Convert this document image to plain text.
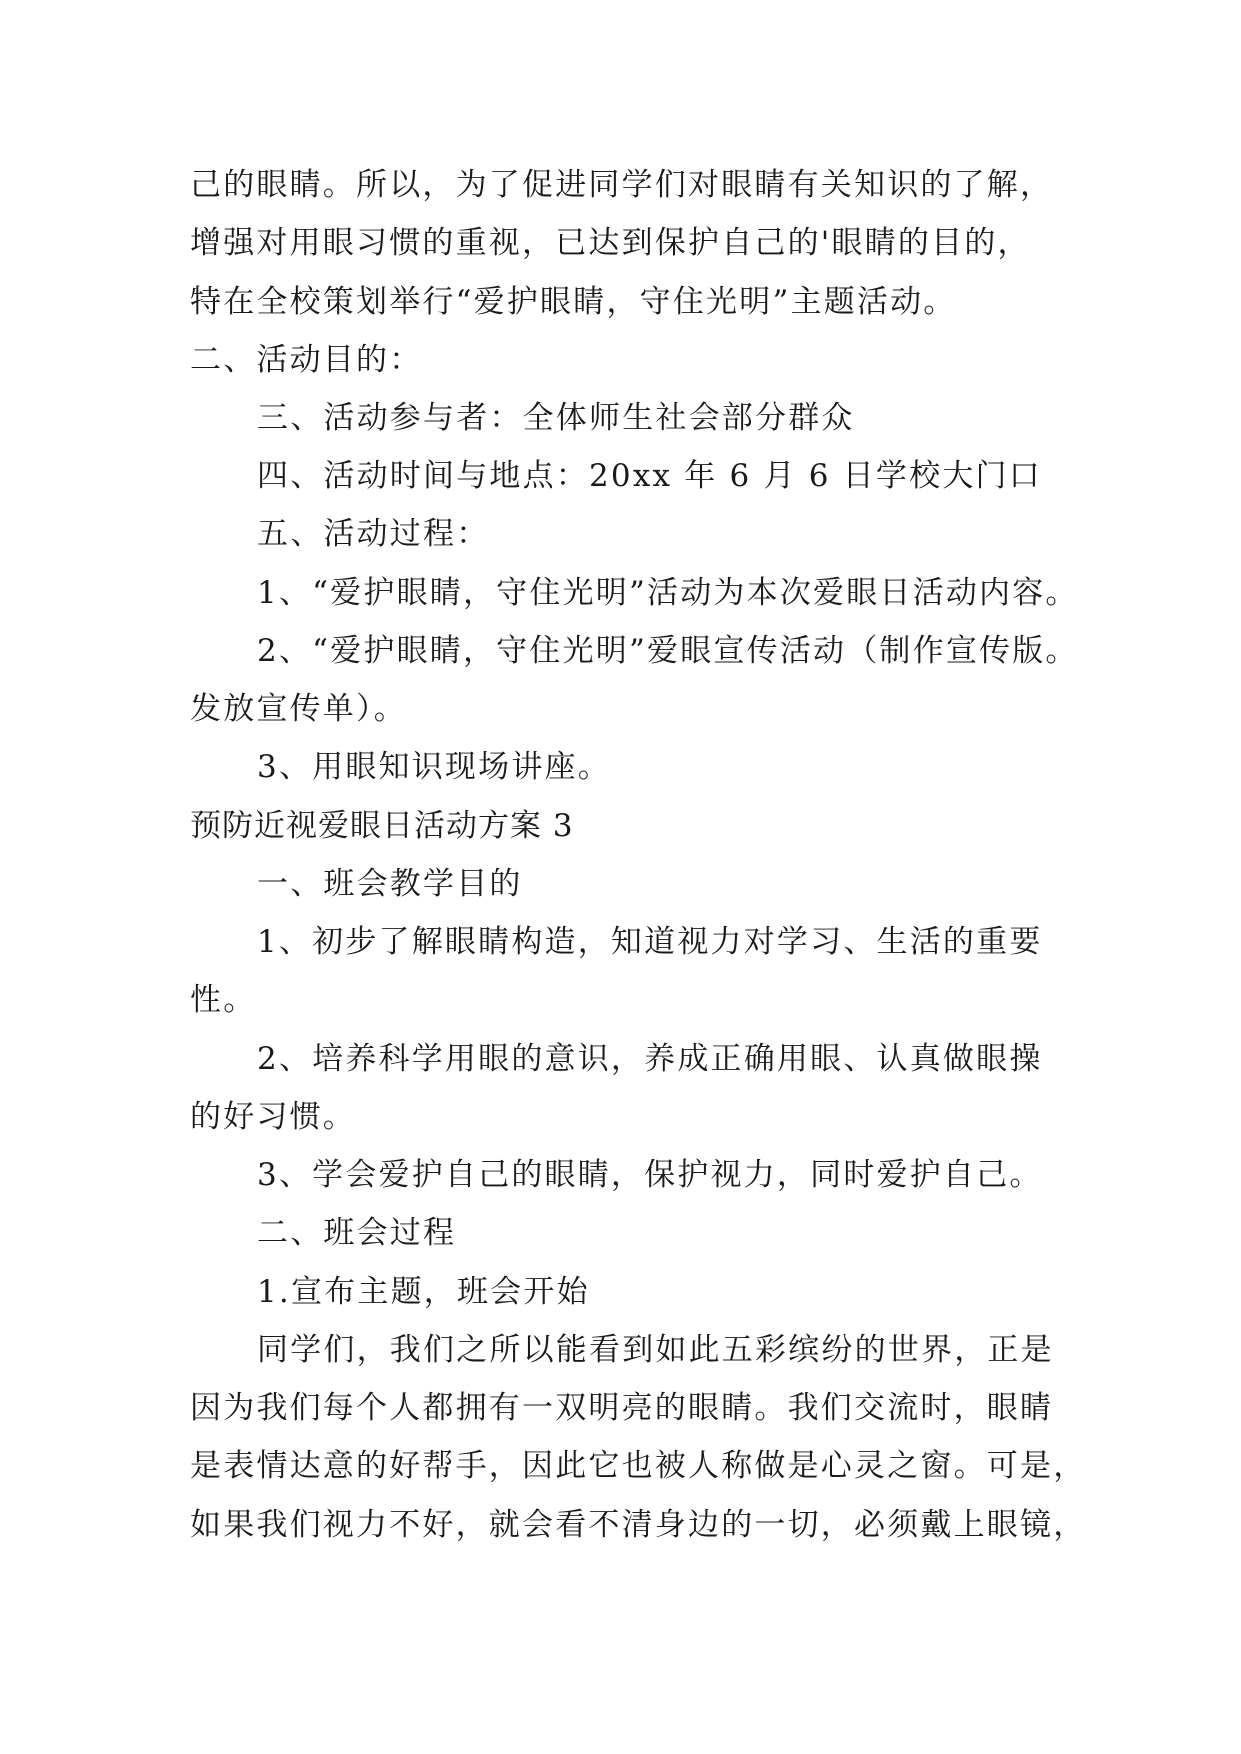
己的眼睛。所以，为了促进同学们对眼睛有关知识的了解，
增强对用眼习惯的重视，已达到保护自己的'眼睛的目的，
特在全校策划举行“爱护眼睛，守住光明”主题活动。
二、活动目的：
三、活动参与者：全体师生社会部分群众
四、活动时间与地点：20xx 年 6 月 6 日学校大门口
五、活动过程：
1、“爱护眼睛，守住光明”活动为本次爱眼日活动内容。
2、“爱护眼睛，守住光明”爱眼宣传活动（制作宣传版。
发放宣传单）。
3、用眼知识现场讲座。
预防近视爱眼日活动方案 3
一、班会教学目的
1、初步了解眼睛构造，知道视力对学习、生活的重要
性。
2、培养科学用眼的意识，养成正确用眼、认真做眼操
的好习惯。
3、学会爱护自己的眼睛，保护视力，同时爱护自己。
二、班会过程
1.宣布主题，班会开始
同学们，我们之所以能看到如此五彩缤纷的世界，正是
因为我们每个人都拥有一双明亮的眼睛。我们交流时，眼睛
是表情达意的好帮手，因此它也被人称做是心灵之窗。可是，
如果我们视力不好，就会看不清身边的一切，必须戴上眼镜，
